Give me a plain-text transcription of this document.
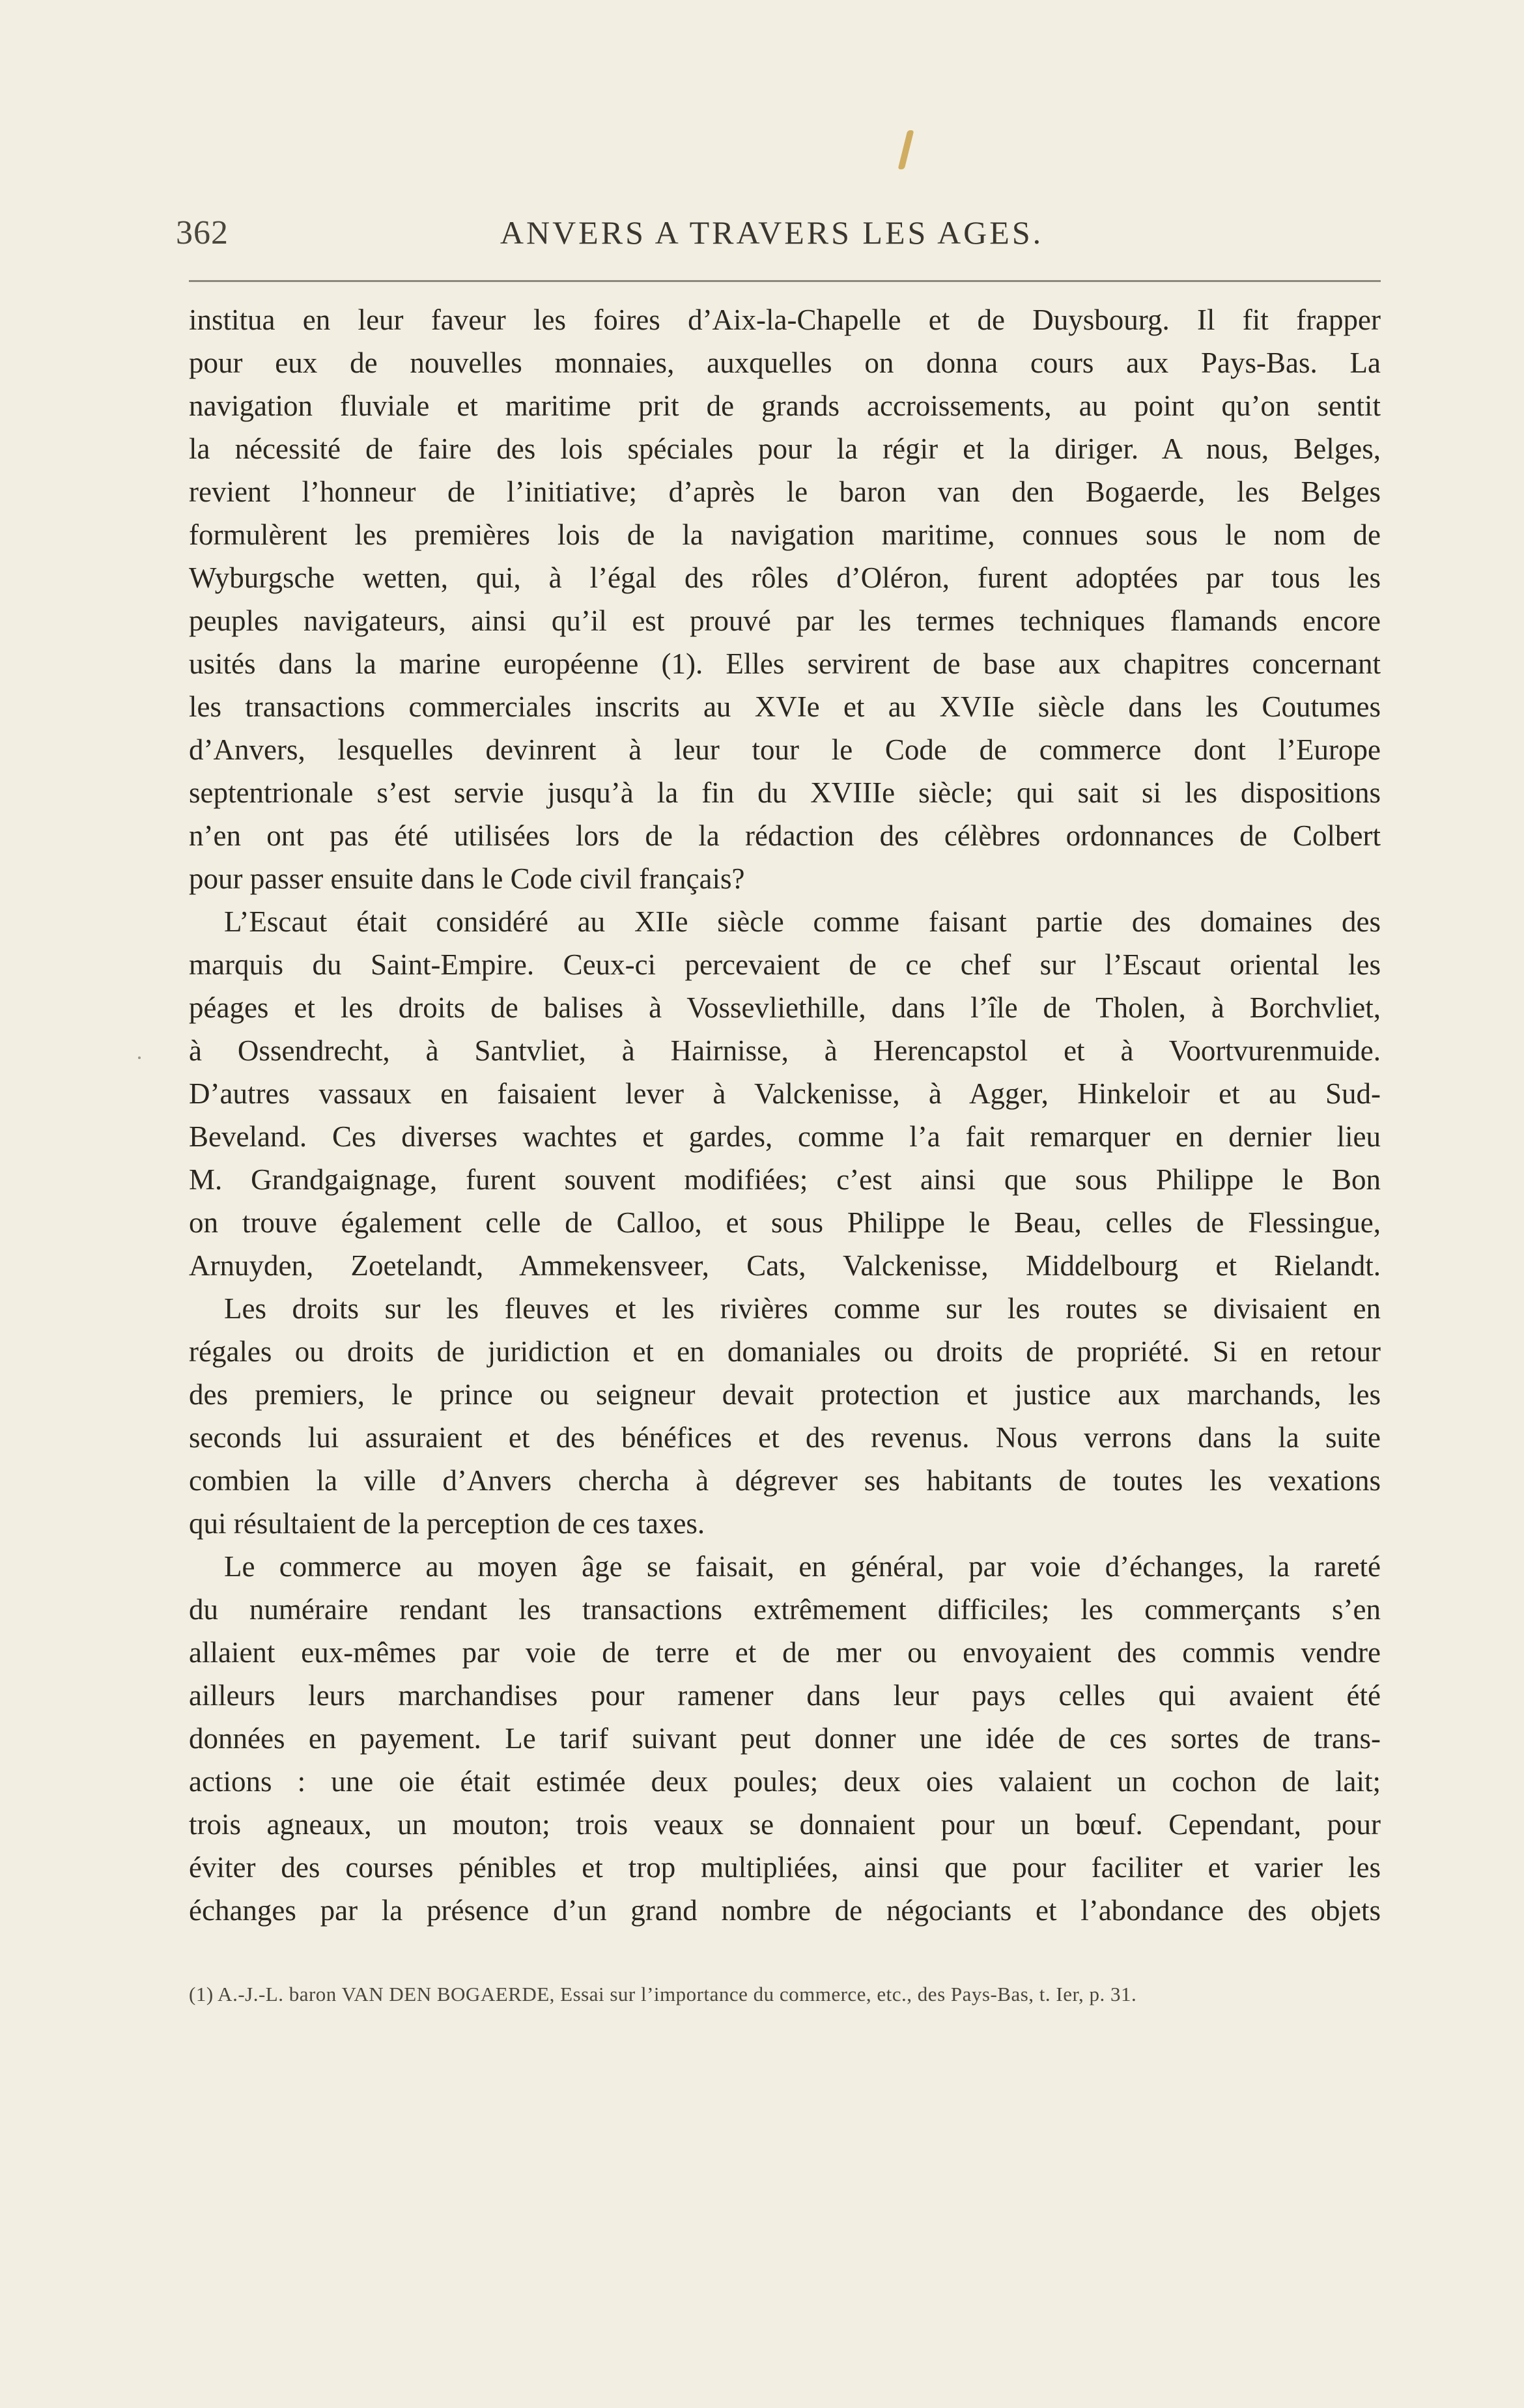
362	ANVERS A TRAVERS LES AGES.
institua en leur faveur les foires d’Aix-la-Chapelle et de Duysbourg. Il fit frapper
pour eux de nouvelles monnaies, auxquelles on donna cours aux Pays-Bas. La
navigation fluviale et maritime prit de grands accroissements, au point qu’on sentit
la nécessité de faire des lois spéciales pour la régir et la diriger. A nous, Belges,
revient l’honneur de l’initiative; d’après le baron van den Bogaerde, les Belges
formulèrent les premières lois de la navigation maritime, connues sous le nom de
Wyburgsche wetten, qui, à l’égal des rôles d’Oléron, furent adoptées par tous les
peuples navigateurs, ainsi qu’il est prouvé par les termes techniques flamands encore
usités dans la marine européenne (1). Elles servirent de base aux chapitres concernant
les transactions commerciales inscrits au XVIe et au XVIIe siècle dans les Coutumes
d’Anvers, lesquelles devinrent à leur tour le Code de commerce dont l’Europe
septentrionale s’est servie jusqu’à la fin du XVIIIe siècle; qui sait si les dispositions
n’en ont pas été utilisées lors de la rédaction des célèbres ordonnances de Colbert
pour passer ensuite dans le Code civil français?
L’Escaut était considéré au XIIe siècle comme faisant partie des domaines des
marquis du Saint-Empire. Ceux-ci percevaient de ce chef sur l’Escaut oriental les
péages et les droits de balises à Vossevliethille, dans l’île de Tholen, à Borchvliet,
à Ossendrecht, à Santvliet, à Hairnisse, à Herencapstol et à Voortvurenmuide.
D’autres vassaux en faisaient lever à Valckenisse, à Agger, Hinkeloir et au Sud-
Beveland. Ces diverses wachtes et gardes, comme l’a fait remarquer en dernier lieu
M. Grandgaignage, furent souvent modifiées; c’est ainsi que sous Philippe le Bon
on trouve également celle de Calloo, et sous Philippe le Beau, celles de Flessingue,
Arnuyden, Zoetelandt, Ammekensveer, Cats, Valckenisse, Middelbourg et Rielandt.
Les droits sur les fleuves et les rivières comme sur les routes se divisaient en
régales ou droits de juridiction et en domaniales ou droits de propriété. Si en retour
des premiers, le prince ou seigneur devait protection et justice aux marchands, les
seconds lui assuraient et des bénéfices et des revenus. Nous verrons dans la suite
combien la ville d’Anvers chercha à dégrever ses habitants de toutes les vexations
qui résultaient de la perception de ces taxes.
Le commerce au moyen âge se faisait, en général, par voie d’échanges, la rareté
du numéraire rendant les transactions extrêmement difficiles; les commerçants s’en
allaient eux-mêmes par voie de terre et de mer ou envoyaient des commis vendre
ailleurs leurs marchandises pour ramener dans leur pays celles qui avaient été
données en payement. Le tarif suivant peut donner une idée de ces sortes de trans-
actions : une oie était estimée deux poules; deux oies valaient un cochon de lait;
trois agneaux, un mouton; trois veaux se donnaient pour un bœuf. Cependant, pour
éviter des courses pénibles et trop multipliées, ainsi que pour faciliter et varier les
échanges par la présence d’un grand nombre de négociants et l’abondance des objets
(1) A.-J.-L. baron VAN DEN BOGAERDE, Essai sur l’importance du commerce, etc., des Pays-Bas, t. Ier, p. 31.
